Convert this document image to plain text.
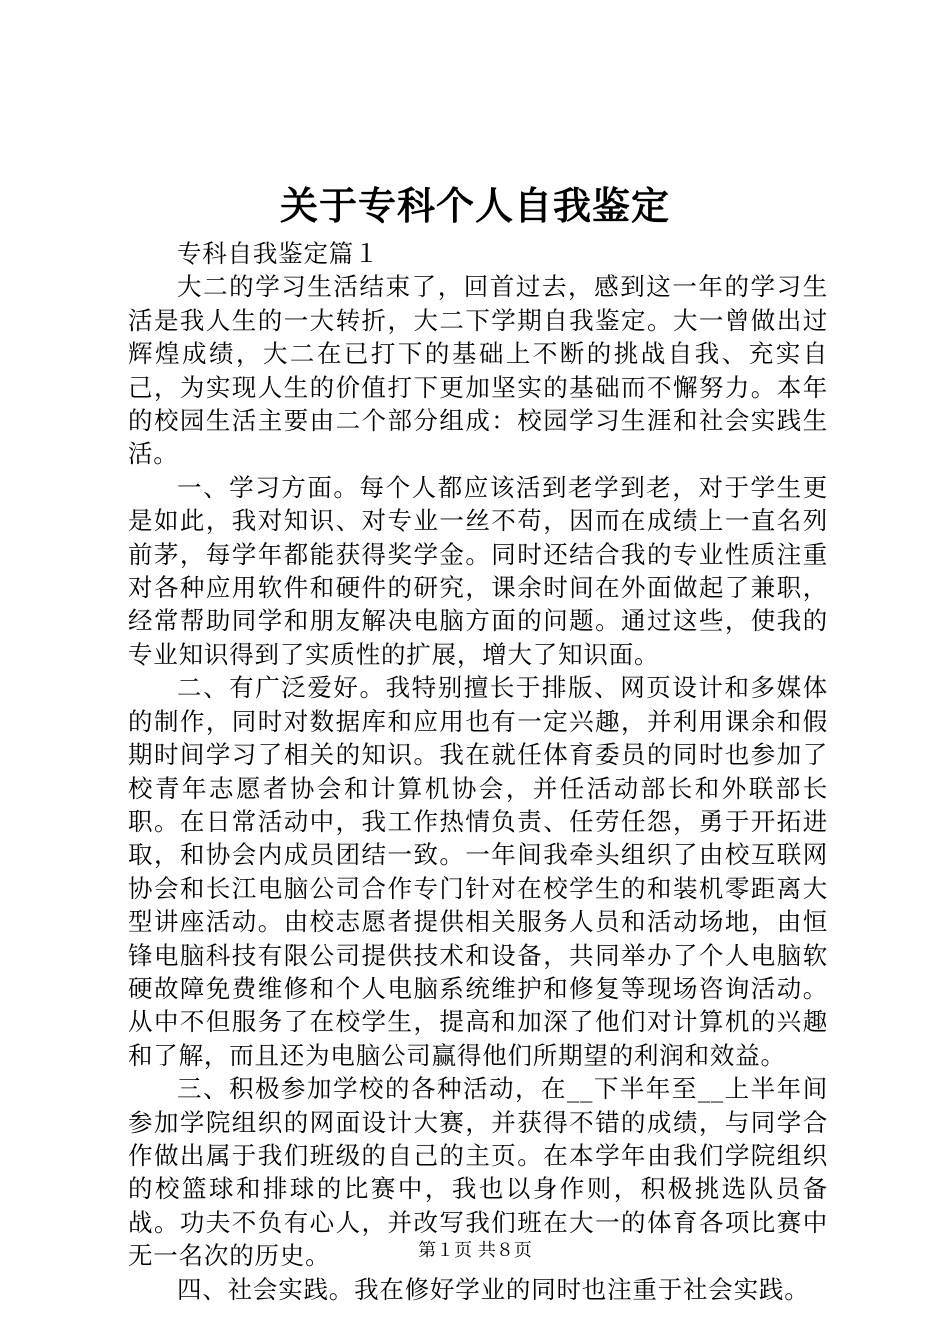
关于专科个人自我鉴定

专科自我鉴定篇１

大二的学习生活结束了，回首过去，感到这一年的学习生活是我人生的一大转折，大二下学期自我鉴定。大一曾做出过辉煌成绩，大二在已打下的基础上不断的挑战自我、充实自己，为实现人生的价值打下更加坚实的基础而不懈努力。本年的校园生活主要由二个部分组成：校园学习生涯和社会实践生活。

一、学习方面。每个人都应该活到老学到老，对于学生更是如此，我对知识、对专业一丝不苟，因而在成绩上一直名列前茅，每学年都能获得奖学金。同时还结合我的专业性质注重对各种应用软件和硬件的研究，课余时间在外面做起了兼职，经常帮助同学和朋友解决电脑方面的问题。通过这些，使我的专业知识得到了实质性的扩展，增大了知识面。

二、有广泛爱好。我特别擅长于排版、网页设计和多媒体的制作，同时对数据库和应用也有一定兴趣，并利用课余和假期时间学习了相关的知识。我在就任体育委员的同时也参加了校青年志愿者协会和计算机协会，并任活动部长和外联部长职。在日常活动中，我工作热情负责、任劳任怨，勇于开拓进取，和协会内成员团结一致。一年间我牵头组织了由校互联网协会和长江电脑公司合作专门针对在校学生的和装机零距离大型讲座活动。由校志愿者提供相关服务人员和活动场地，由恒锋电脑科技有限公司提供技术和设备，共同举办了个人电脑软硬故障免费维修和个人电脑系统维护和修复等现场咨询活动。从中不但服务了在校学生，提高和加深了他们对计算机的兴趣和了解，而且还为电脑公司赢得他们所期望的利润和效益。

三、积极参加学校的各种活动，在__下半年至__上半年间参加学院组织的网面设计大赛，并获得不错的成绩，与同学合作做出属于我们班级的自己的主页。在本学年由我们学院组织的校篮球和排球的比赛中，我也以身作则，积极挑选队员备战。功夫不负有心人，并改写我们班在大一的体育各项比赛中无一名次的历史。

四、社会实践。我在修好学业的同时也注重于社会实践。

第１页 共８页
